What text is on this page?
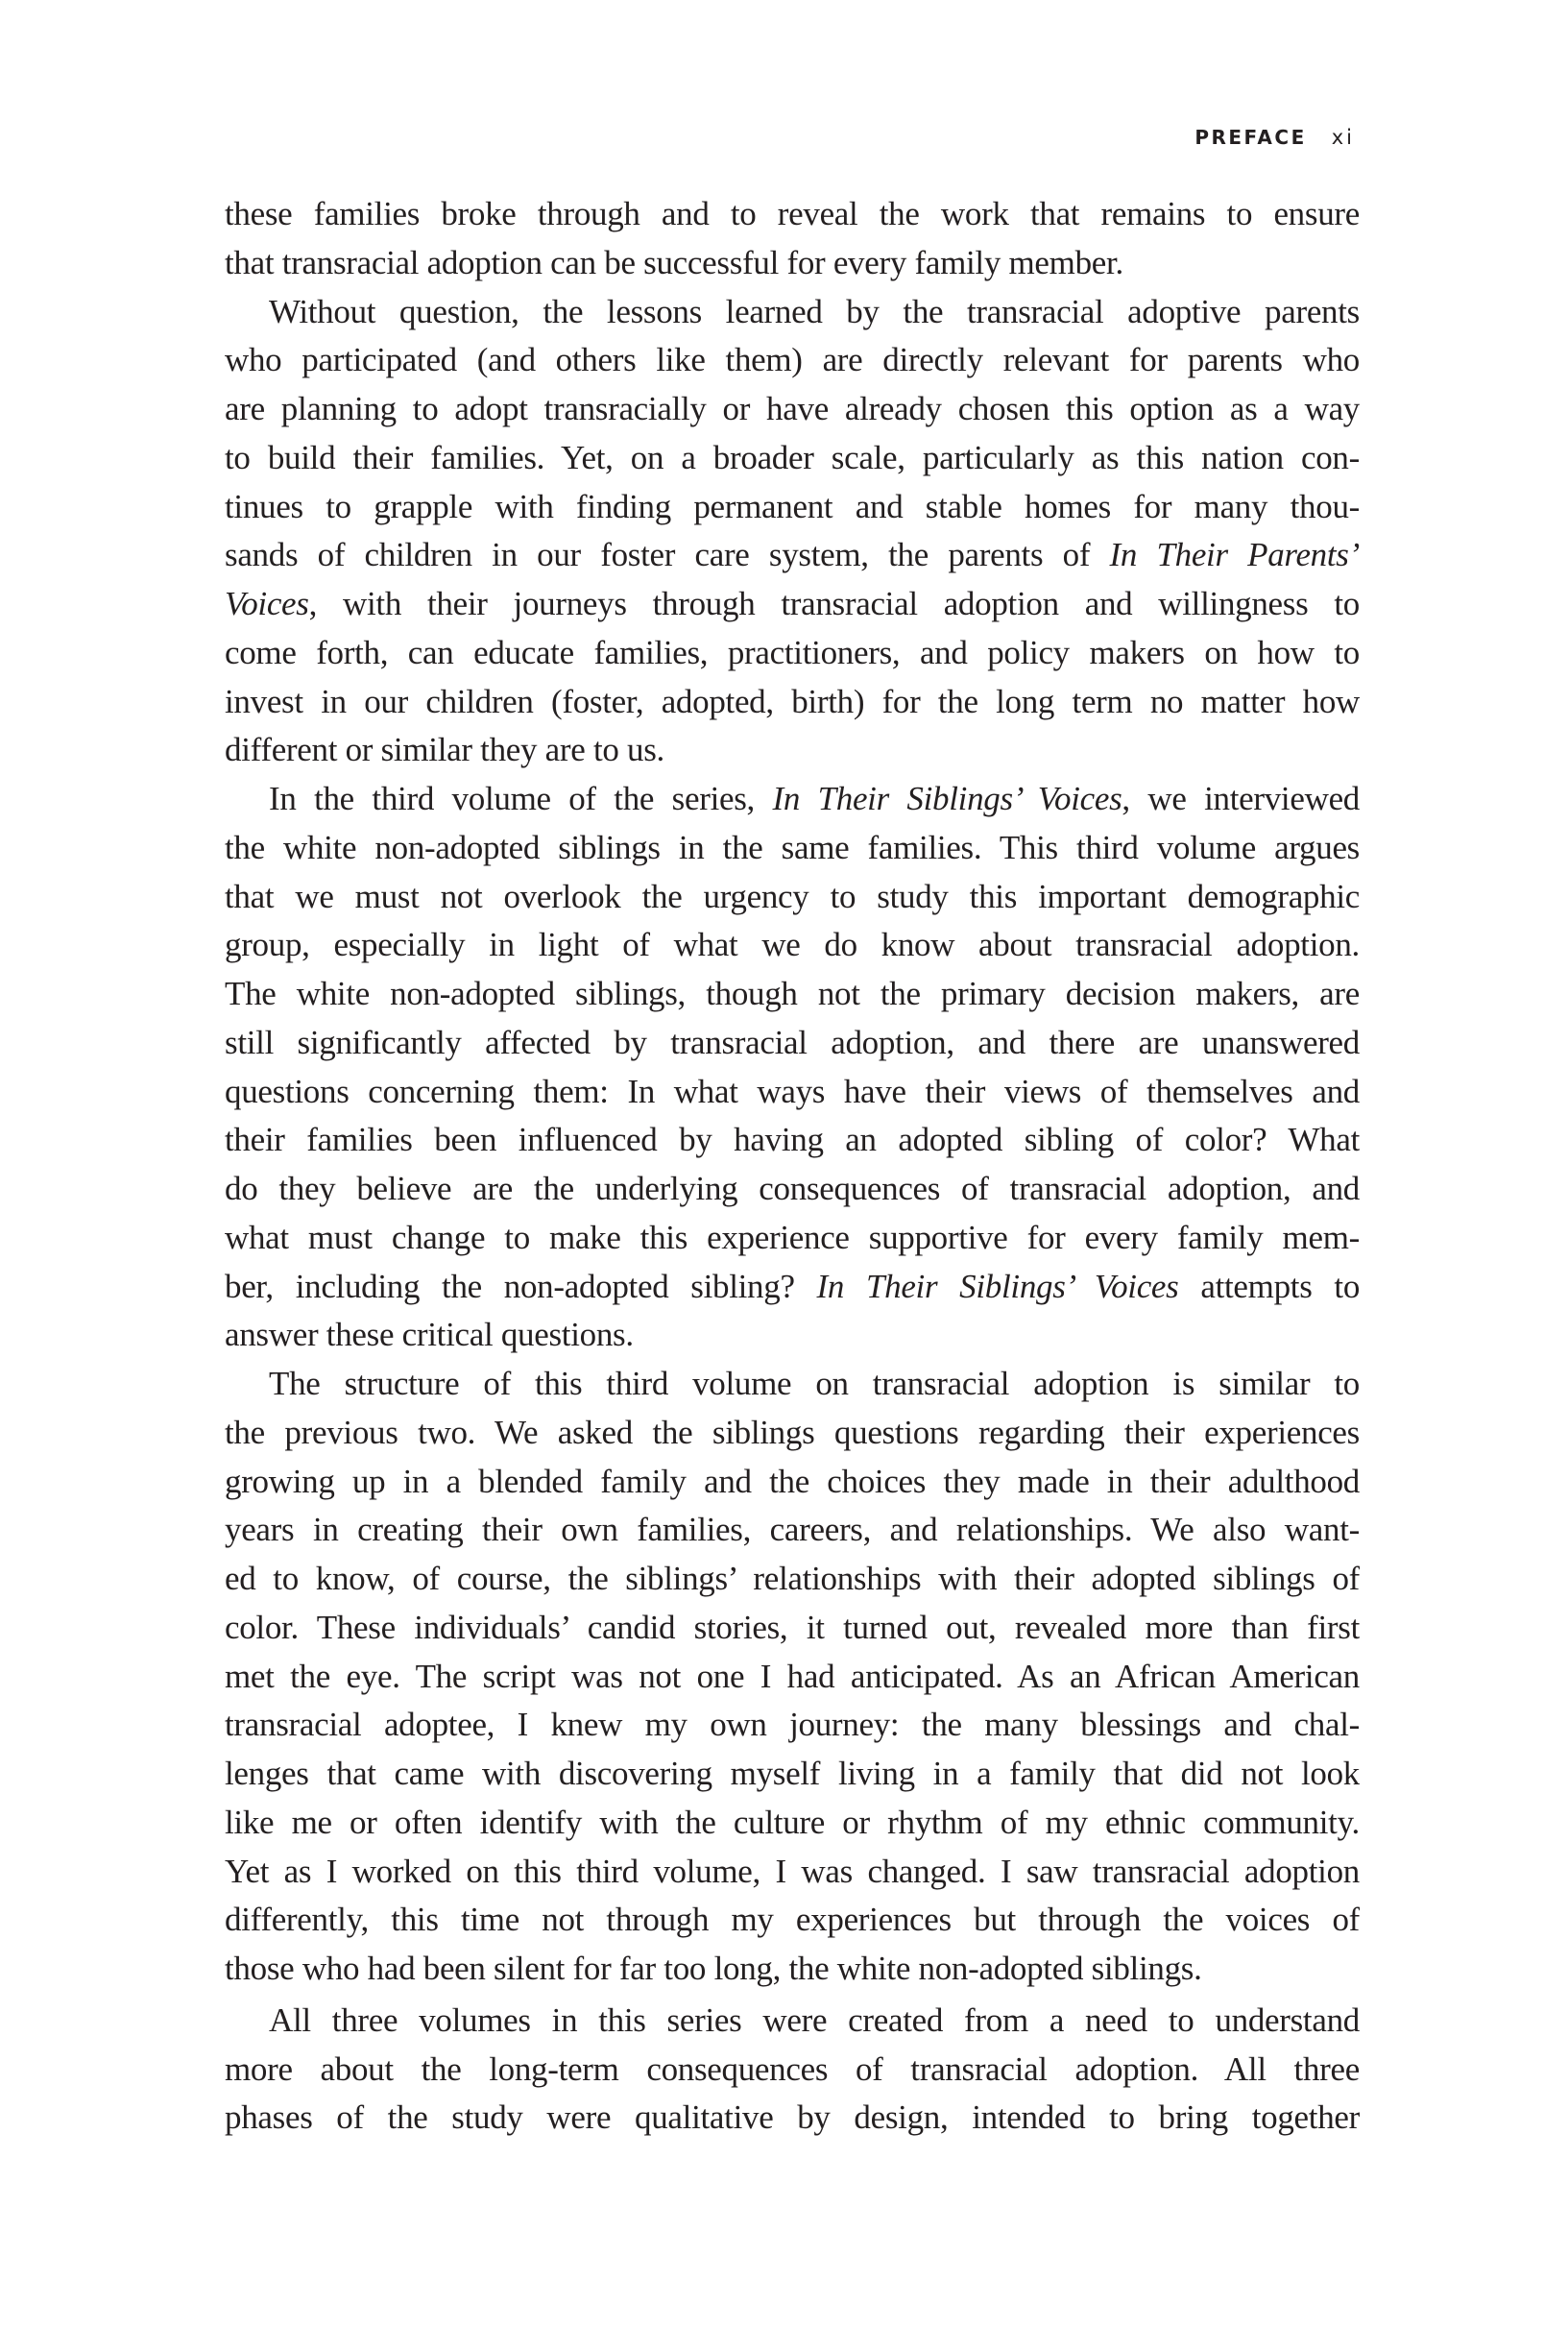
PREFACE xi
these families broke through and to reveal the work that remains to ensure
that transracial adoption can be successful for every family member.
Without question, the lessons learned by the transracial adoptive parents
who participated (and others like them) are directly relevant for parents who
are planning to adopt transracially or have already chosen this option as a way
to build their families. Yet, on a broader scale, particularly as this nation con-
tinues to grapple with finding permanent and stable homes for many thou-
sands of children in our foster care system, the parents of In Their Parents’
Voices, with their journeys through transracial adoption and willingness to
come forth, can educate families, practitioners, and policy makers on how to
invest in our children (foster, adopted, birth) for the long term no matter how
different or similar they are to us.
In the third volume of the series, In Their Siblings’ Voices, we interviewed
the white non-adopted siblings in the same families. This third volume argues
that we must not overlook the urgency to study this important demographic
group, especially in light of what we do know about transracial adoption.
The white non-adopted siblings, though not the primary decision makers, are
still significantly affected by transracial adoption, and there are unanswered
questions concerning them: In what ways have their views of themselves and
their families been influenced by having an adopted sibling of color? What
do they believe are the underlying consequences of transracial adoption, and
what must change to make this experience supportive for every family mem-
ber, including the non-adopted sibling? In Their Siblings’ Voices attempts to
answer these critical questions.
The structure of this third volume on transracial adoption is similar to
the previous two. We asked the siblings questions regarding their experiences
growing up in a blended family and the choices they made in their adulthood
years in creating their own families, careers, and relationships. We also want-
ed to know, of course, the siblings’ relationships with their adopted siblings of
color. These individuals’ candid stories, it turned out, revealed more than first
met the eye. The script was not one I had anticipated. As an African American
transracial adoptee, I knew my own journey: the many blessings and chal-
lenges that came with discovering myself living in a family that did not look
like me or often identify with the culture or rhythm of my ethnic community.
Yet as I worked on this third volume, I was changed. I saw transracial adoption
differently, this time not through my experiences but through the voices of
those who had been silent for far too long, the white non-adopted siblings.
All three volumes in this series were created from a need to understand
more about the long-term consequences of transracial adoption. All three
phases of the study were qualitative by design, intended to bring together
